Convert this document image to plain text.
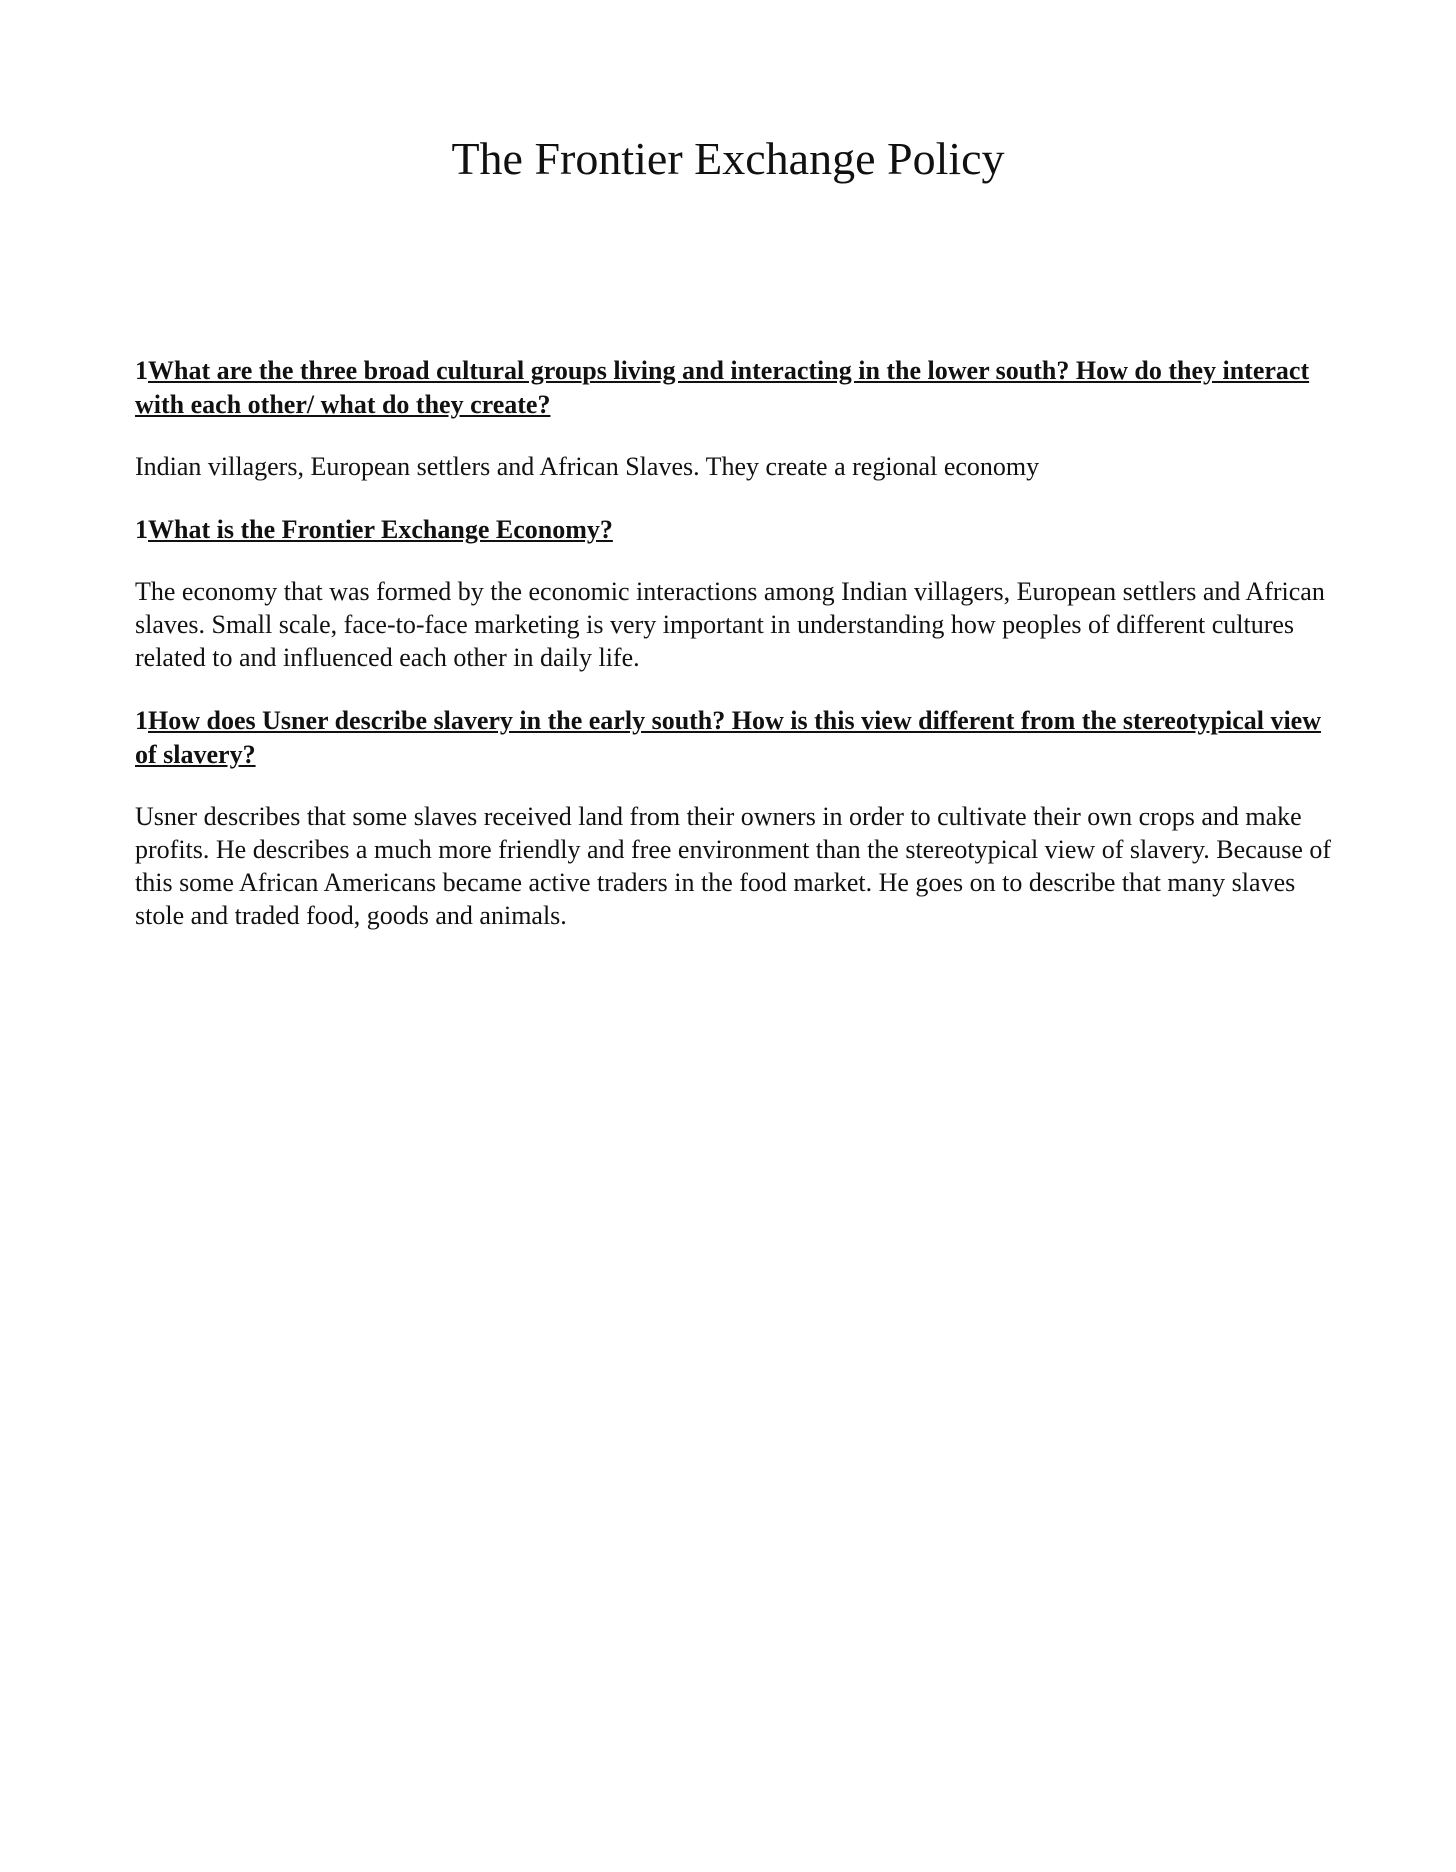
The Frontier Exchange Policy

1What are the three broad cultural groups living and interacting in the lower south? How do they interact with each other/ what do they create?

Indian villagers, European settlers and African Slaves. They create a regional economy

1What is the Frontier Exchange Economy?

The economy that was formed by the economic interactions among Indian villagers, European settlers and African slaves. Small scale, face-to-face marketing is very important in understanding how peoples of different cultures related to and influenced each other in daily life.

1How does Usner describe slavery in the early south? How is this view different from the stereotypical view of slavery?

Usner describes that some slaves received land from their owners in order to cultivate their own crops and make profits. He describes a much more friendly and free environment than the stereotypical view of slavery. Because of this some African Americans became active traders in the food market. He goes on to describe that many slaves stole and traded food, goods and animals.
